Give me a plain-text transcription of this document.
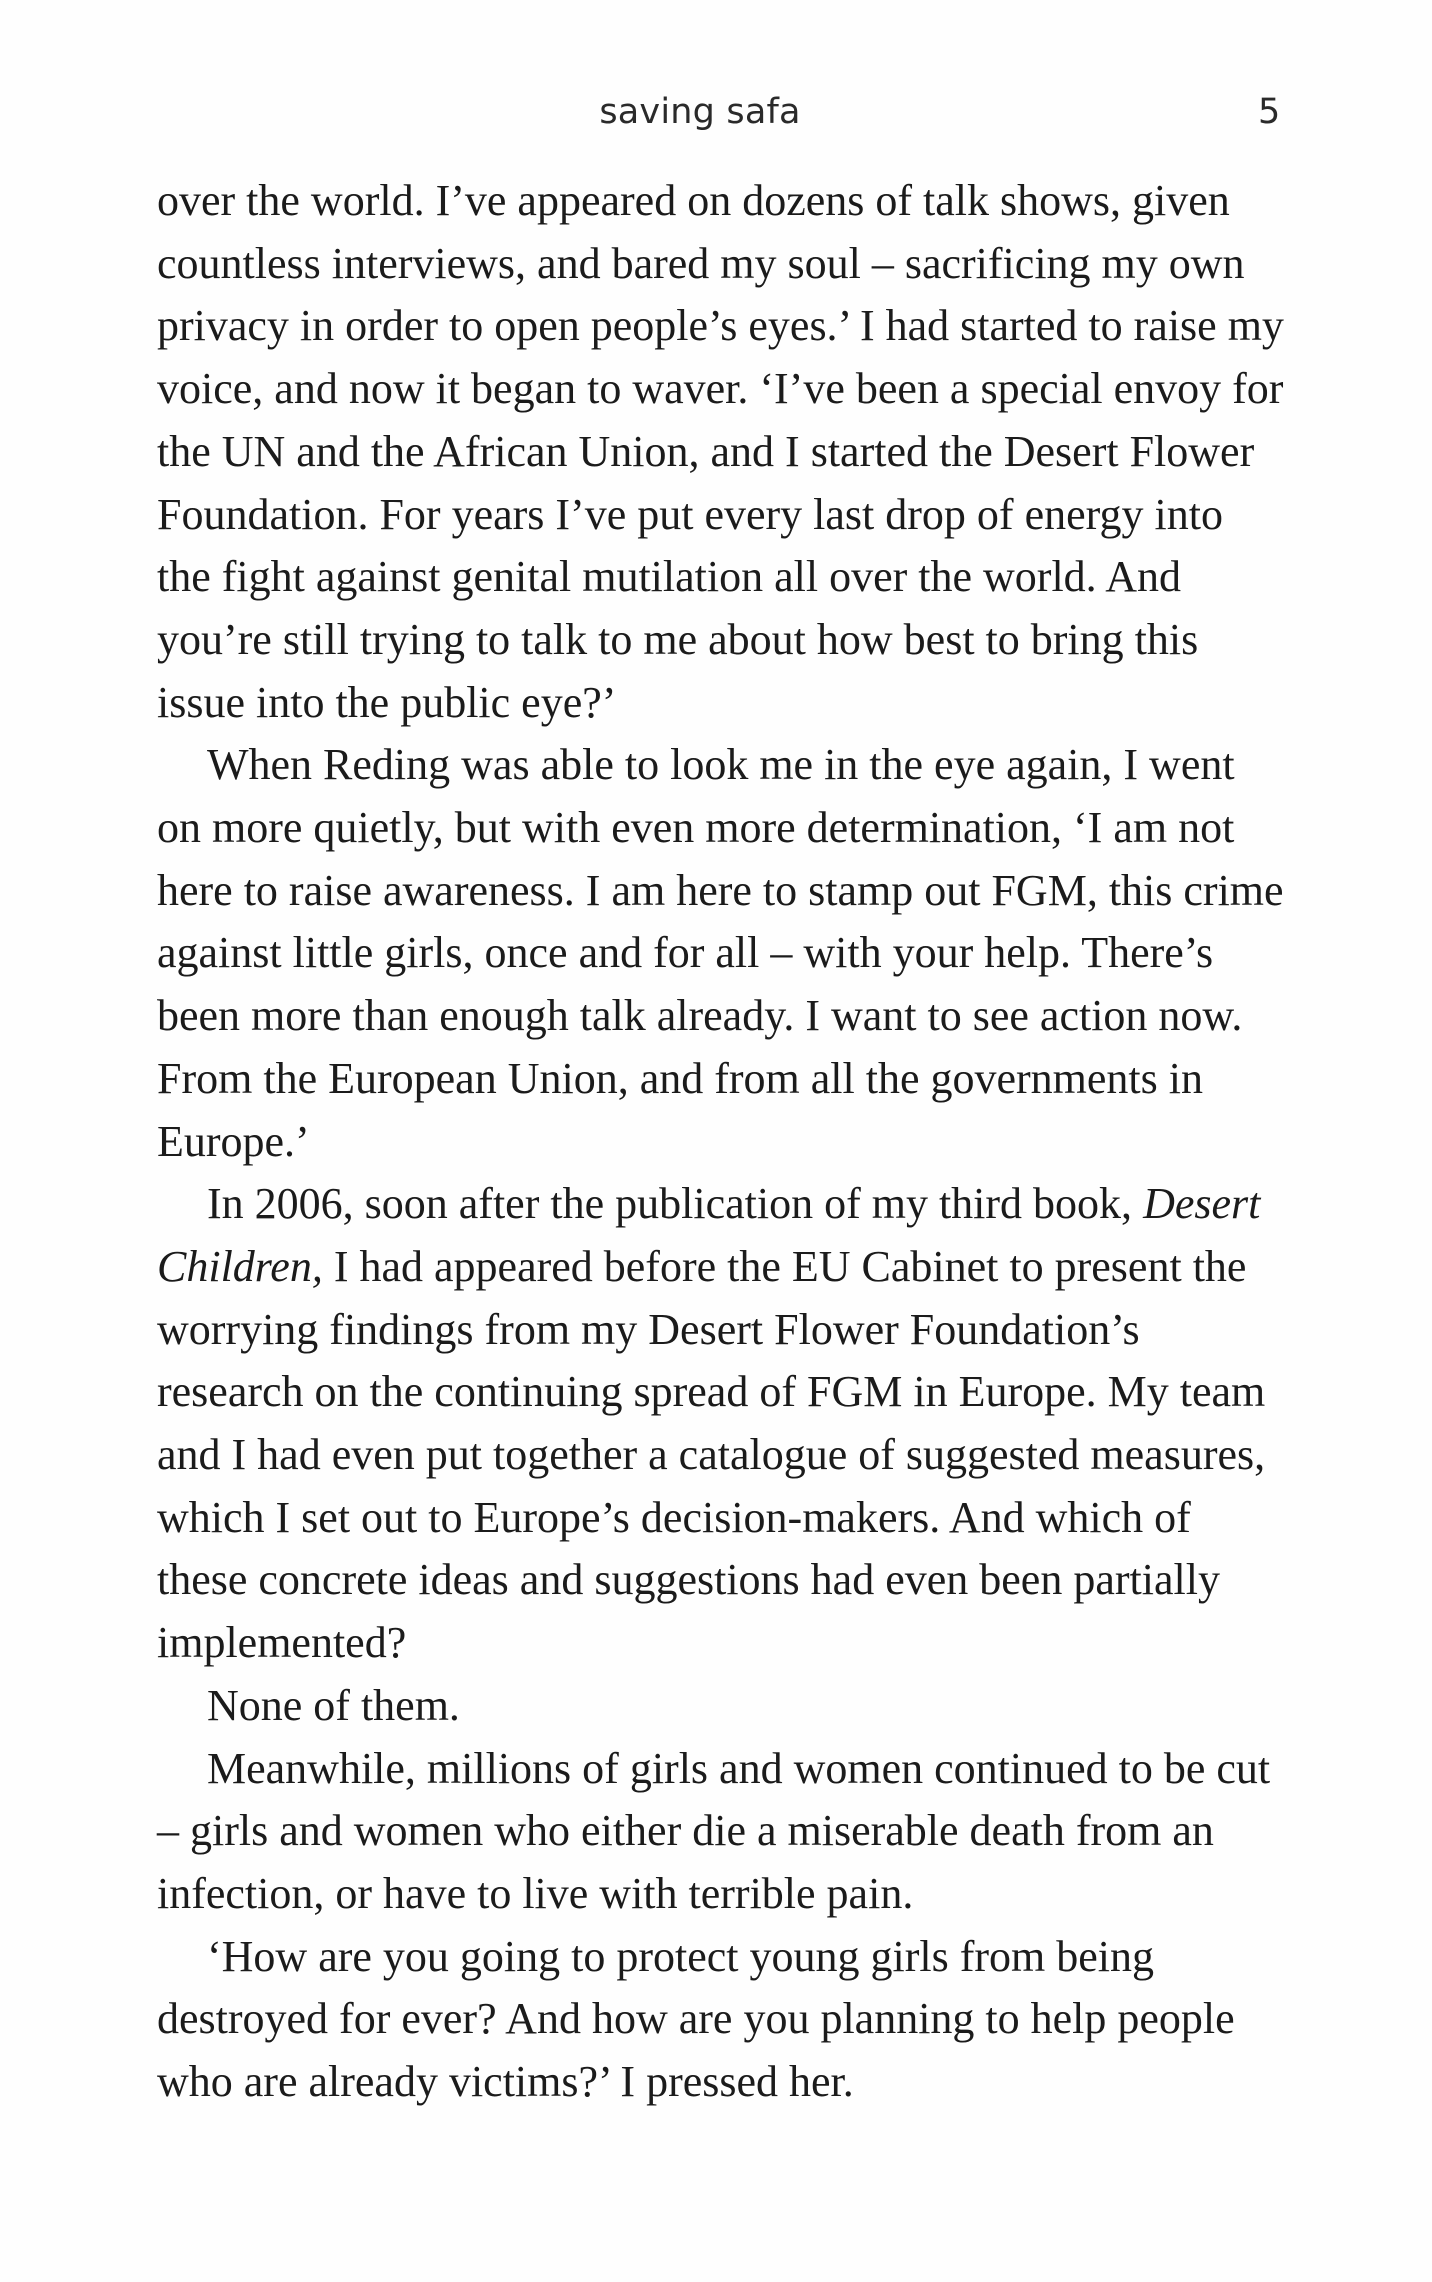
saving safa	5

over the world. I’ve appeared on dozens of talk shows, given countless interviews, and bared my soul – sacrificing my own privacy in order to open people’s eyes.’ I had started to raise my voice, and now it began to waver. ‘I’ve been a special envoy for the UN and the African Union, and I started the Desert Flower Foundation. For years I’ve put every last drop of energy into the fight against genital mutilation all over the world. And you’re still trying to talk to me about how best to bring this issue into the public eye?’

When Reding was able to look me in the eye again, I went on more quietly, but with even more determination, ‘I am not here to raise awareness. I am here to stamp out FGM, this crime against little girls, once and for all – with your help. There’s been more than enough talk already. I want to see action now. From the European Union, and from all the governments in Europe.’

In 2006, soon after the publication of my third book, Desert Children, I had appeared before the EU Cabinet to present the worrying findings from my Desert Flower Foundation’s research on the continuing spread of FGM in Europe. My team and I had even put together a catalogue of suggested measures, which I set out to Europe’s decision-makers. And which of these concrete ideas and suggestions had even been partially implemented?

None of them.

Meanwhile, millions of girls and women continued to be cut – girls and women who either die a miserable death from an infection, or have to live with terrible pain.

‘How are you going to protect young girls from being destroyed for ever? And how are you planning to help people who are already victims?’ I pressed her.
